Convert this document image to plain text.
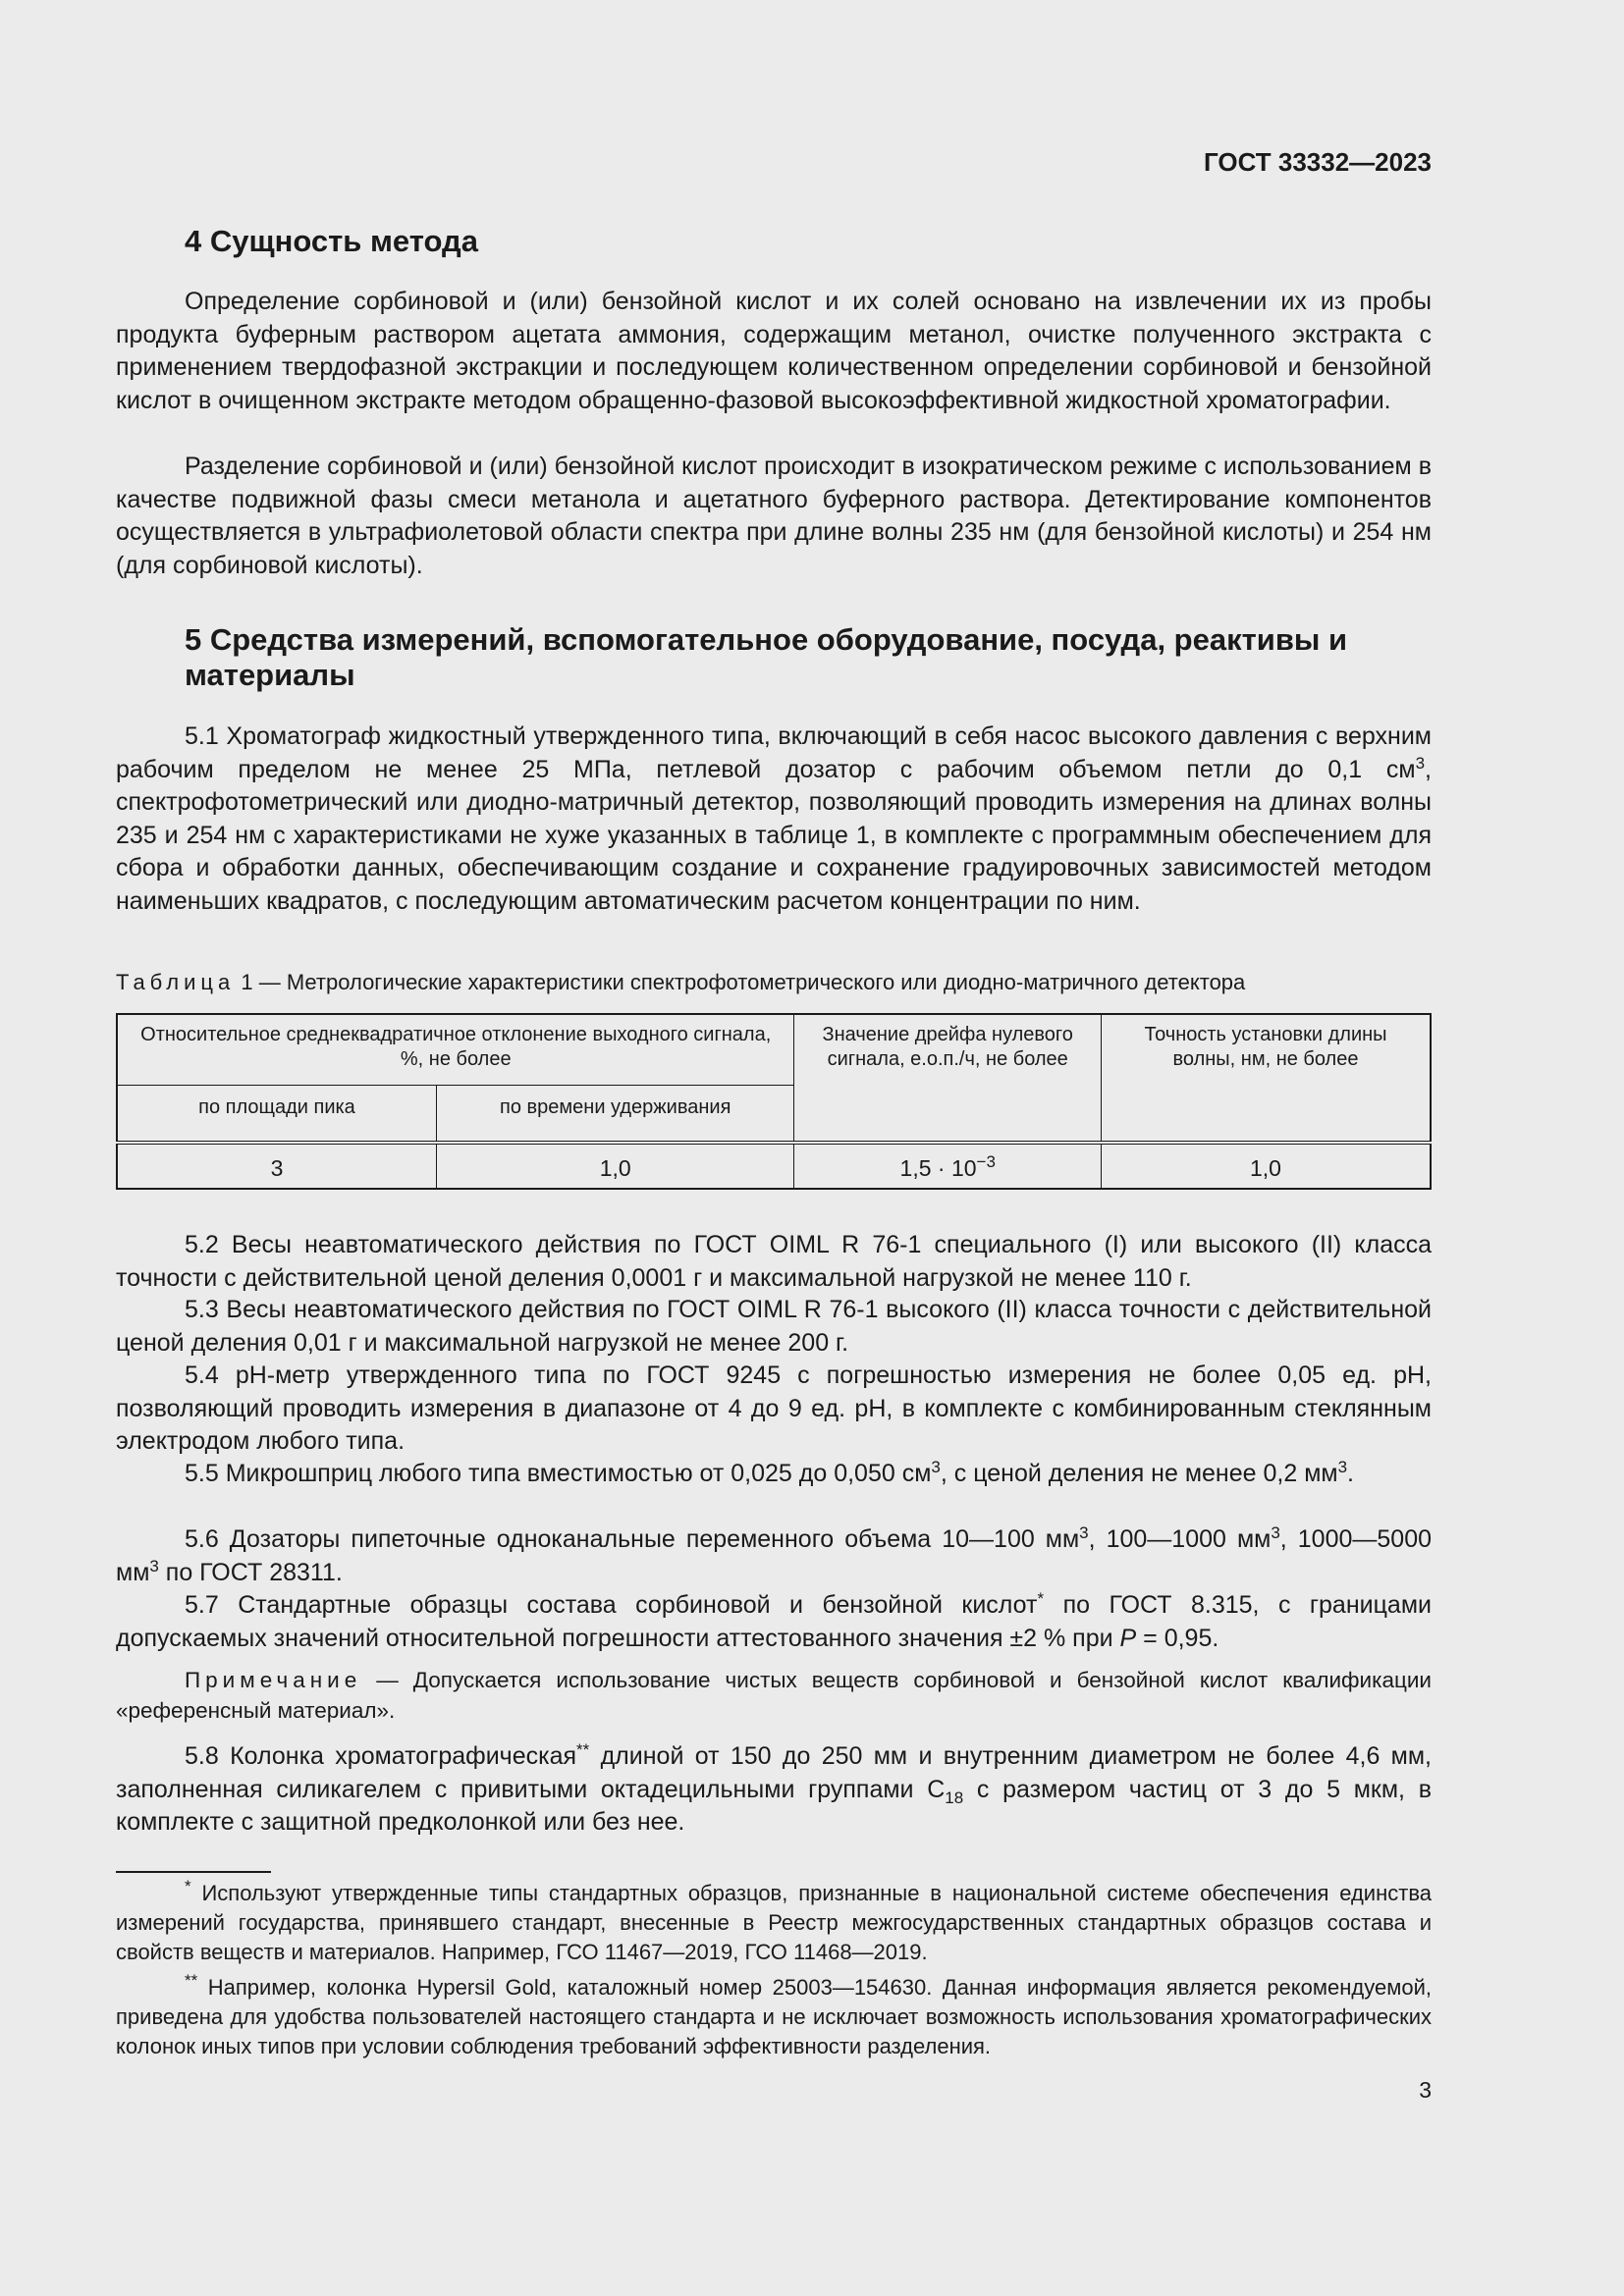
ГОСТ 33332—2023
4 Сущность метода
Определение сорбиновой и (или) бензойной кислот и их солей основано на извлечении их из пробы продукта буферным раствором ацетата аммония, содержащим метанол, очистке полученного экстракта с применением твердофазной экстракции и последующем количественном определении сорбиновой и бензойной кислот в очищенном экстракте методом обращенно-фазовой высокоэффективной жидкостной хроматографии.
Разделение сорбиновой и (или) бензойной кислот происходит в изократическом режиме с использованием в качестве подвижной фазы смеси метанола и ацетатного буферного раствора. Детектирование компонентов осуществляется в ультрафиолетовой области спектра при длине волны 235 нм (для бензойной кислоты) и 254 нм (для сорбиновой кислоты).
5 Средства измерений, вспомогательное оборудование, посуда, реактивы и материалы
5.1 Хроматограф жидкостный утвержденного типа, включающий в себя насос высокого давления с верхним рабочим пределом не менее 25 МПа, петлевой дозатор с рабочим объемом петли до 0,1 $см^3$, спектрофотометрический или диодно-матричный детектор, позволяющий проводить измерения на длинах волны 235 и 254 нм с характеристиками не хуже указанных в таблице 1, в комплекте с программным обеспечением для сбора и обработки данных, обеспечивающим создание и сохранение градуировочных зависимостей методом наименьших квадратов, с последующим автоматическим расчетом концентрации по ним.
Таблица 1 — Метрологические характеристики спектрофотометрического или диодно-матричного детектора
Относительное среднеквадратичное отклонение выходного сигнала, %, не более		Значение дрейфа нулевого сигнала, е.о.п./ч, не более	Точность установки длины волны, нм, не более
по площади пика	по времени удерживания		
3	1,0	$1,5 \cdot 10^{-3}$	1,0
5.2 Весы неавтоматического действия по ГОСТ OIML R 76-1 специального (I) или высокого (II) класса точности с действительной ценой деления 0,0001 г и максимальной нагрузкой не менее 110 г.
5.3 Весы неавтоматического действия по ГОСТ OIML R 76-1 высокого (II) класса точности с действительной ценой деления 0,01 г и максимальной нагрузкой не менее 200 г.
5.4 pH-метр утвержденного типа по ГОСТ 9245 с погрешностью измерения не более 0,05 ед. pH, позволяющий проводить измерения в диапазоне от 4 до 9 ед. pH, в комплекте с комбинированным стеклянным электродом любого типа.
5.5 Микрошприц любого типа вместимостью от 0,025 до 0,050 $см^3$, с ценой деления не менее 0,2 $мм^3$.
5.6 Дозаторы пипеточные одноканальные переменного объема 10—100 $мм^3$, 100—1000 $мм^3$, 1000—5000 $мм^3$ по ГОСТ 28311.
5.7 Стандартные образцы состава сорбиновой и бензойной кислот* по ГОСТ 8.315, с границами допускаемых значений относительной погрешности аттестованного значения ±2 % при P = 0,95.
Примечание — Допускается использование чистых веществ сорбиновой и бензойной кислот квалификации «референсный материал».
5.8 Колонка хроматографическая** длиной от 150 до 250 мм и внутренним диаметром не более 4,6 мм, заполненная силикагелем с привитыми октадецильными группами $С_{18}$ с размером частиц от 3 до 5 мкм, в комплекте с защитной предколонкой или без нее.
* Используют утвержденные типы стандартных образцов, признанные в национальной системе обеспечения единства измерений государства, принявшего стандарт, внесенные в Реестр межгосударственных стандартных образцов состава и свойств веществ и материалов. Например, ГСО 11467—2019, ГСО 11468—2019.
** Например, колонка Hypersil Gold, каталожный номер 25003—154630. Данная информация является рекомендуемой, приведена для удобства пользователей настоящего стандарта и не исключает возможность использования хроматографических колонок иных типов при условии соблюдения требований эффективности разделения.
3
